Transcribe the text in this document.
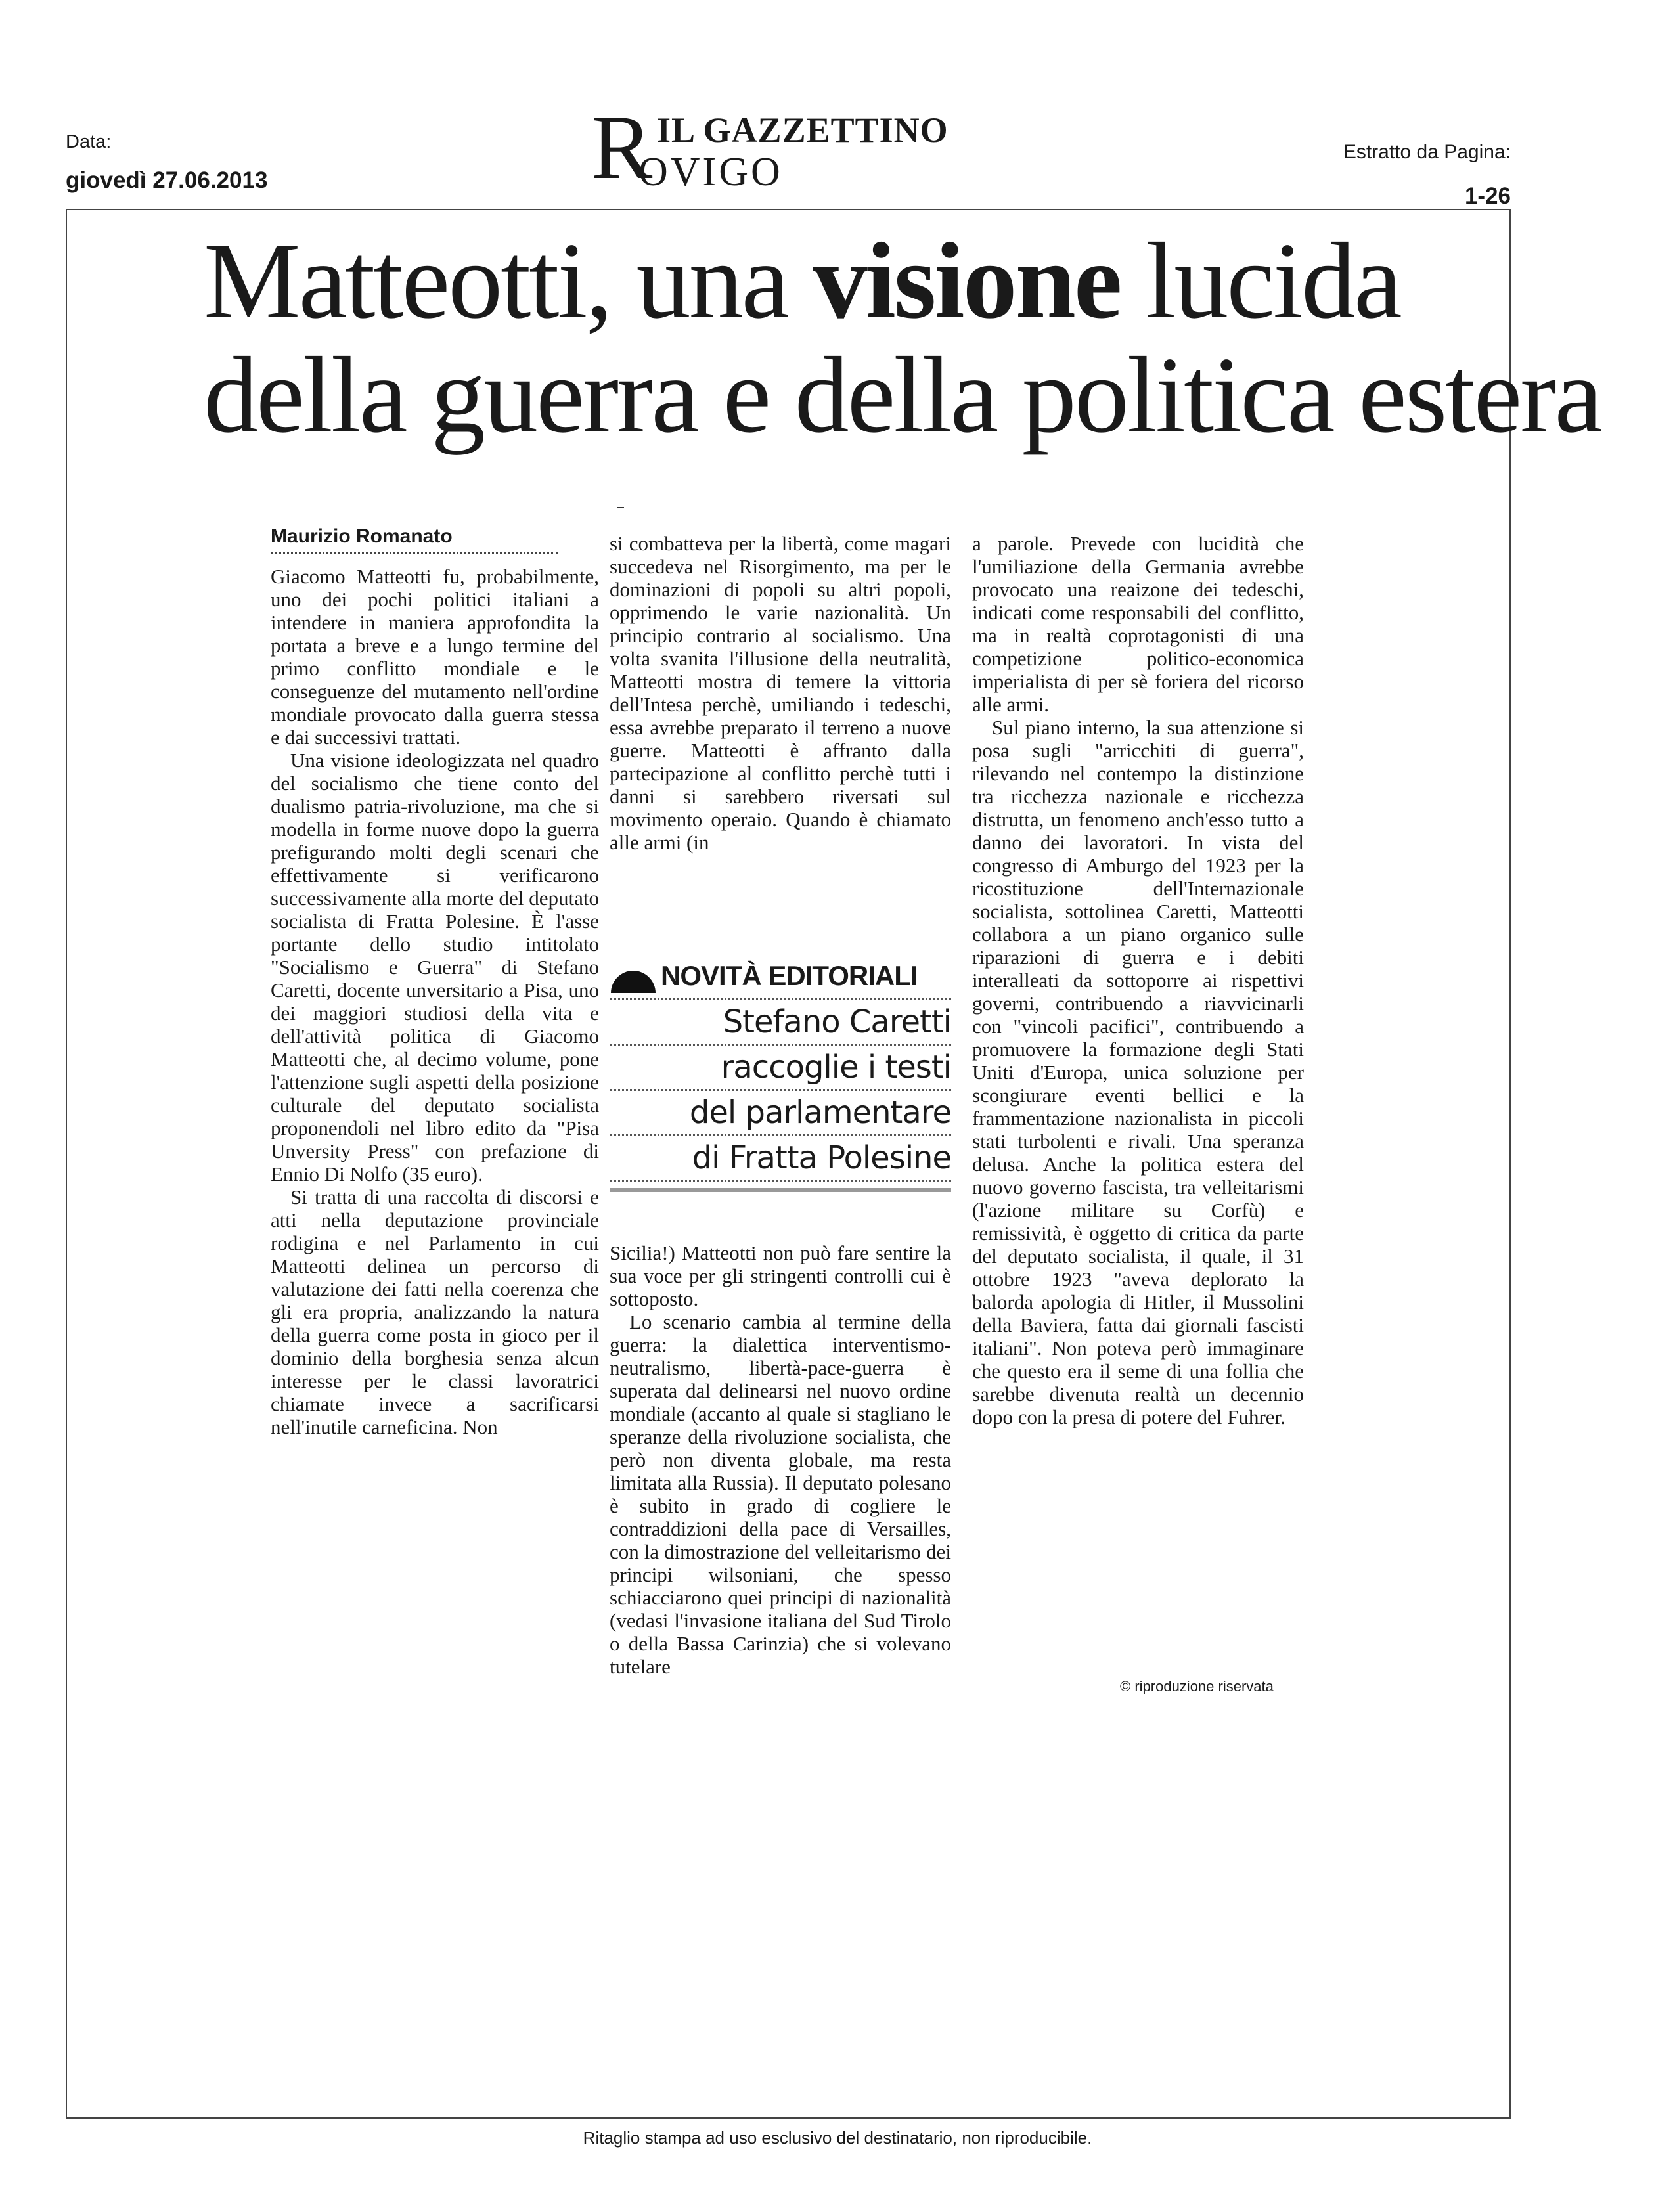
Data:
giovedì 27.06.2013	R IL GAZZETTINO
OVIGO	Estratto da Pagina:
1-26
Matteotti, una visione lucida
della guerra e della politica estera
Maurizio Romanato

Giacomo Matteotti fu, probabilmente, uno dei pochi politici italiani a intendere in maniera approfondita la portata a breve e a lungo termine del primo conflitto mondiale e le conseguenze del mutamento nell'ordine mondiale provocato dalla guerra stessa e dai successivi trattati.

Una visione ideologizzata nel quadro del socialismo che tiene conto del dualismo patria-rivoluzione, ma che si modella in forme nuove dopo la guerra prefigurando molti degli scenari che effettivamente si verificarono successivamente alla morte del deputato socialista di Fratta Polesine. È l'asse portante dello studio intitolato "Socialismo e Guerra" di Stefano Caretti, docente unversitario a Pisa, uno dei maggiori studiosi della vita e dell'attività politica di Giacomo Matteotti che, al decimo volume, pone l'attenzione sugli aspetti della posizione culturale del deputato socialista proponendoli nel libro edito da "Pisa Unversity Press" con prefazione di Ennio Di Nolfo (35 euro).

Si tratta di una raccolta di discorsi e atti nella deputazione provinciale rodigina e nel Parlamento in cui Matteotti delinea un percorso di valutazione dei fatti nella coerenza che gli era propria, analizzando la natura della guerra come posta in gioco per il dominio della borghesia senza alcun interesse per le classi lavoratrici chiamate invece a sacrificarsi nell'inutile carneficina. Non

si combatteva per la libertà, come magari succedeva nel Risorgimento, ma per le dominazioni di popoli su altri popoli, opprimendo le varie nazionalità. Un principio contrario al socialismo. Una volta svanita l'illusione della neutralità, Matteotti mostra di temere la vittoria dell'Intesa perchè, umiliando i tedeschi, essa avrebbe preparato il terreno a nuove guerre. Matteotti è affranto dalla partecipazione al conflitto perchè tutti i danni si sarebbero riversati sul movimento operaio. Quando è chiamato alle armi (in

NOVITÀ EDITORIALI
Stefano Caretti
raccoglie i testi
del parlamentare
di Fratta Polesine

Sicilia!) Matteotti non può fare sentire la sua voce per gli stringenti controlli cui è sottoposto.

Lo scenario cambia al termine della guerra: la dialettica interventismo-neutralismo, libertà-pace-guerra è superata dal delinearsi nel nuovo ordine mondiale (accanto al quale si stagliano le speranze della rivoluzione socialista, che però non diventa globale, ma resta limitata alla Russia). Il deputato polesano è subito in grado di cogliere le contraddizioni della pace di Versailles, con la dimostrazione del velleitarismo dei principi wilsoniani, che spesso schiacciarono quei principi di nazionalità (vedasi l'invasione italiana del Sud Tirolo o della Bassa Carinzia) che si volevano tutelare

a parole. Prevede con lucidità che l'umiliazione della Germania avrebbe provocato una reaizone dei tedeschi, indicati come responsabili del conflitto, ma in realtà coprotagonisti di una competizione politico-economica imperialista di per sè foriera del ricorso alle armi.

Sul piano interno, la sua attenzione si posa sugli "arricchiti di guerra", rilevando nel contempo la distinzione tra ricchezza nazionale e ricchezza distrutta, un fenomeno anch'esso tutto a danno dei lavoratori. In vista del congresso di Amburgo del 1923 per la ricostituzione dell'Internazionale socialista, sottolinea Caretti, Matteotti collabora a un piano organico sulle riparazioni di guerra e i debiti interalleati da sottoporre ai rispettivi governi, contribuendo a riavvicinarli con "vincoli pacifici", contribuendo a promuovere la formazione degli Stati Uniti d'Europa, unica soluzione per scongiurare eventi bellici e la frammentazione nazionalista in piccoli stati turbolenti e rivali. Una speranza delusa. Anche la politica estera del nuovo governo fascista, tra velleitarismi (l'azione militare su Corfù) e remissività, è oggetto di critica da parte del deputato socialista, il quale, il 31 ottobre 1923 "aveva deplorato la balorda apologia di Hitler, il Mussolini della Baviera, fatta dai giornali fascisti italiani". Non poteva però immaginare che questo era il seme di una follia che sarebbe divenuta realtà un decennio dopo con la presa di potere del Fuhrer.

© riproduzione riservata
Ritaglio stampa ad uso esclusivo del destinatario, non riproducibile.
